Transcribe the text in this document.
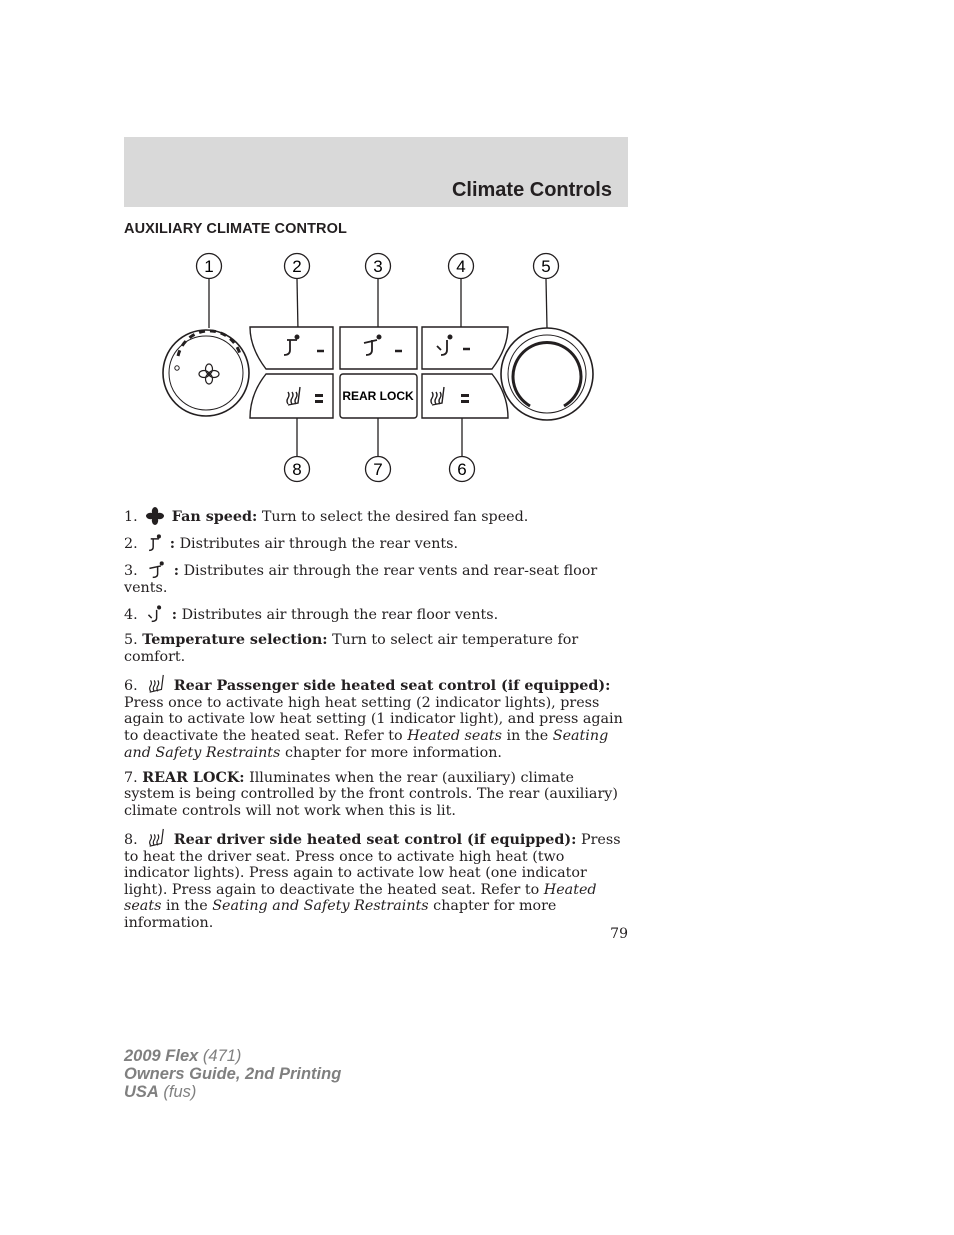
Climate Controls
AUXILIARY CLIMATE CONTROL
REAR LOCK
1	2	3	4	5
8	7	6
1. Fan speed: Turn to select the desired fan speed.
2. : Distributes air through the rear vents.
3.	: Distributes air through the rear vents and rear-seat floor vents.
4. : Distributes air through the rear floor vents.
5. Temperature selection: Turn to select air temperature for comfort.
6.	Rear Passenger side heated seat control (if equipped): Press once to activate high heat setting (2 indicator lights), press again to activate low heat setting (1 indicator light), and press again to deactivate the heated seat. Refer to Heated seats in the Seating and Safety Restraints chapter for more information.
7. REAR LOCK: Illuminates when the rear (auxiliary) climate system is being controlled by the front controls. The rear (auxiliary) climate controls will not work when this is lit.
8.	Rear driver side heated seat control (if equipped): Press to heat the driver seat. Press once to activate high heat (two indicator lights). Press again to activate low heat (one indicator light). Press again to deactivate the heated seat. Refer to Heated seats in the Seating and Safety Restraints chapter for more information.
79
2009 Flex (471)
Owners Guide, 2nd Printing
USA (fus)
